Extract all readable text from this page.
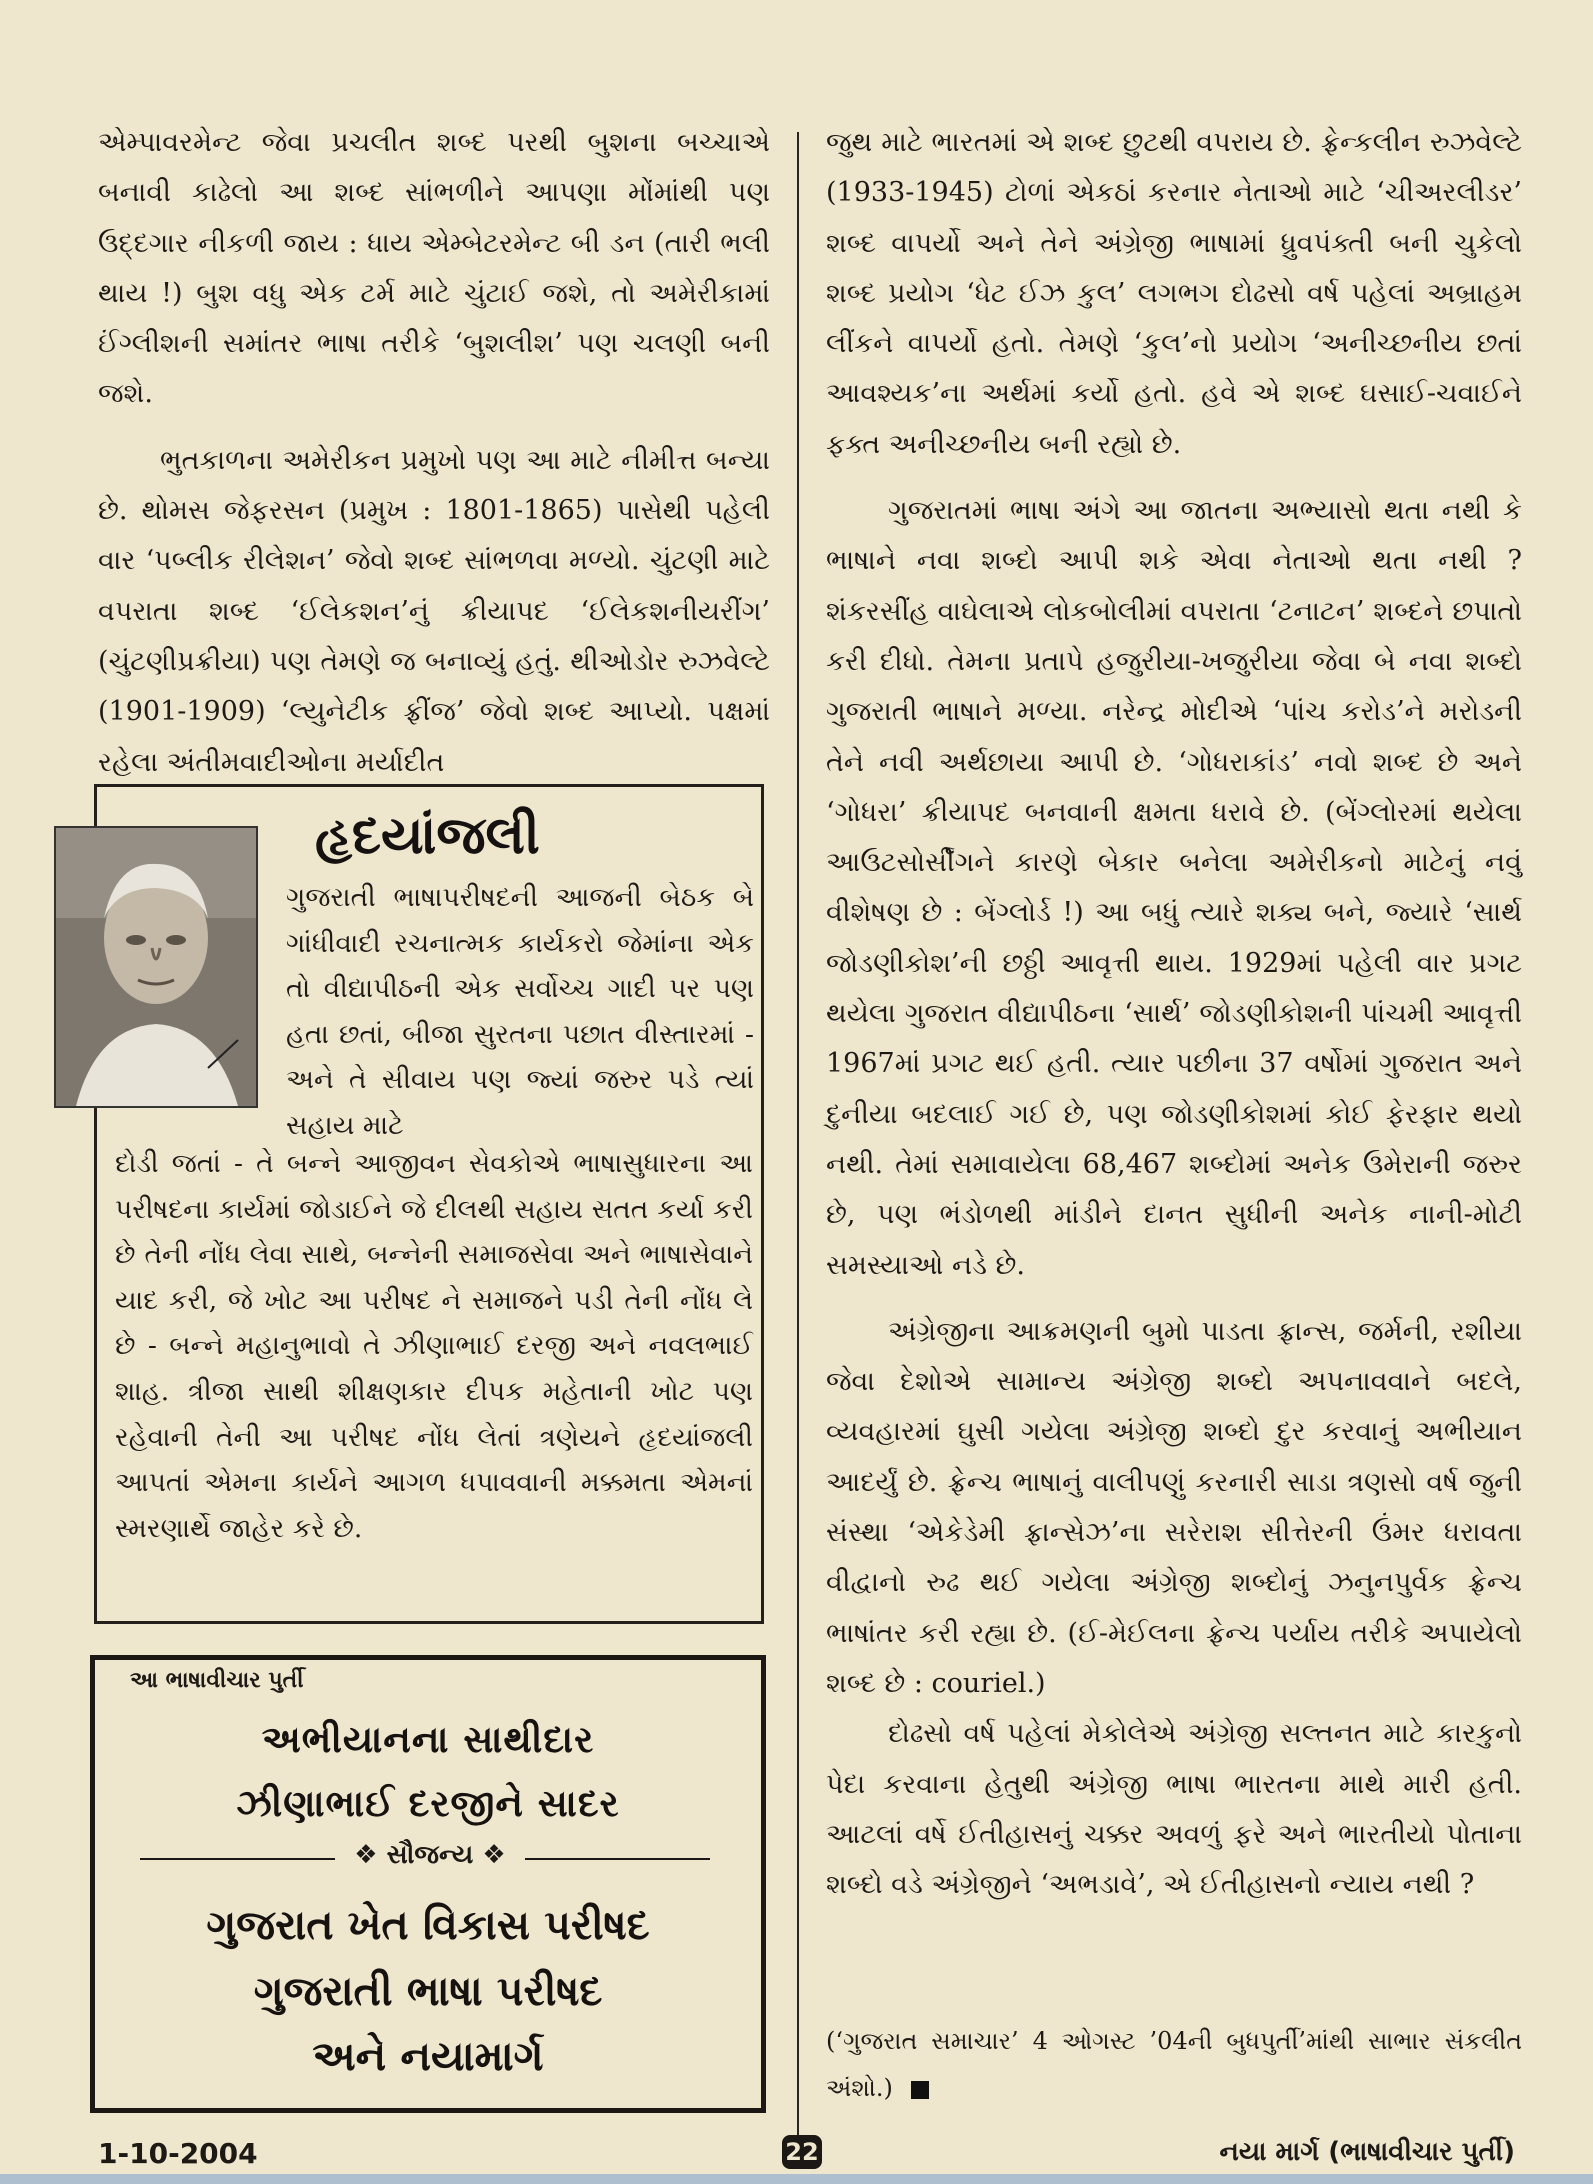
એમ્પાવરમેન્ટ જેવા પ્રચલીત શબ્દ પરથી બુશના બચ્ચાએ બનાવી કાઢેલો આ શબ્દ સાંભળીને આપણા મોંમાંથી પણ ઉદ્દગાર નીકળી જાય : ધાય એમ્બેટરમેન્ટ બી ડન (તારી ભલી થાય !) બુશ વધુ એક ટર્મ માટે ચુંટાઈ જશે, તો અમેરીકામાં ઈંગ્લીશની સમાંતર ભાષા તરીકે ‘બુશલીશ’ પણ ચલણી બની જશે.

ભુતકાળના અમેરીકન પ્રમુખો પણ આ માટે નીમીત્ત બન્યા છે. થોમસ જેફરસન (પ્રમુખ : 1801-1865) પાસેથી પહેલી વાર ‘પબ્લીક રીલેશન’ જેવો શબ્દ સાંભળવા મળ્યો. ચુંટણી માટે વપરાતા શબ્દ ‘ઈલેકશન’નું ક્રીયાપદ ‘ઈલેકશનીયરીંગ’ (ચુંટણીપ્રક્રીયા) પણ તેમણે જ બનાવ્યું હતું. થીઓડોર રુઝવેલ્ટે (1901-1909) ‘લ્યુનેટીક ફ્રીંજ’ જેવો શબ્દ આપ્યો. પક્ષમાં રહેલા અંતીમવાદીઓના મર્યાદીત

હૃદયાંજલી

ગુજરાતી ભાષાપરીષદની આજની બેઠક બે ગાંધીવાદી રચનાત્મક કાર્યકરો જેમાંના એક તો વીદ્યાપીઠની એક સર્વોચ્ચ ગાદી પર પણ હતા છતાં, બીજા સુરતના પછાત વીસ્તારમાં - અને તે સીવાય પણ જ્યાં જરુર પડે ત્યાં સહાય માટે

દોડી જતાં - તે બન્ને આજીવન સેવકોએ ભાષાસુધારના આ પરીષદના કાર્યમાં જોડાઈને જે દીલથી સહાય સતત કર્યા કરી છે તેની નોંધ લેવા સાથે, બન્નેની સમાજસેવા અને ભાષાસેવાને યાદ કરી, જે ખોટ આ પરીષદ ને સમાજને પડી તેની નોંધ લે છે - બન્ને મહાનુભાવો તે ઝીણાભાઈ દરજી અને નવલભાઈ શાહ. ત્રીજા સાથી શીક્ષણકાર દીપક મહેતાની ખોટ પણ રહેવાની તેની આ પરીષદ નોંધ લેતાં ત્રણેયને હૃદયાંજલી આપતાં એમના કાર્યને આગળ ધપાવવાની મક્કમતા એમનાં સ્મરણાર્થે જાહેર કરે છે.

આ ભાષાવીચાર પુર્તી
અભીયાનના સાથીદાર
ઝીણાભાઈ દરજીને સાદર
❖ સૌજન્ય ❖
ગુજરાત ખેત વિકાસ પરીષદ
ગુજરાતી ભાષા પરીષદ
અને નયામાર્ગ

જુથ માટે ભારતમાં એ શબ્દ છુટથી વપરાય છે. ફ્રેન્કલીન રુઝવેલ્ટે (1933-1945) ટોળાં એકઠાં કરનાર નેતાઓ માટે ‘ચીઅરલીડર’ શબ્દ વાપર્યો અને તેને અંગ્રેજી ભાષામાં ધ્રુવપંક્તી બની ચુકેલો શબ્દ પ્રયોગ ‘ધેટ ઈઝ કુલ’ લગભગ દોઢસો વર્ષ પહેલાં અબ્રાહમ લીંકને વાપર્યો હતો. તેમણે ‘કુલ’નો પ્રયોગ ‘અનીચ્છનીય છતાં આવશ્યક’ના અર્થમાં કર્યો હતો. હવે એ શબ્દ ઘસાઈ-ચવાઈને ફક્ત અનીચ્છનીય બની રહ્યો છે.

ગુજરાતમાં ભાષા અંગે આ જાતના અભ્યાસો થતા નથી કે ભાષાને નવા શબ્દો આપી શકે એવા નેતાઓ થતા નથી ? શંકરસીંહ વાઘેલાએ લોકબોલીમાં વપરાતા ‘ટનાટન’ શબ્દને છપાતો કરી દીધો. તેમના પ્રતાપે હજુરીયા-ખજુરીયા જેવા બે નવા શબ્દો ગુજરાતી ભાષાને મળ્યા. નરેન્દ્ર મોદીએ ‘પાંચ કરોડ’ને મરોડની તેને નવી અર્થછાયા આપી છે. ‘ગોધરાકાંડ’ નવો શબ્દ છે અને ‘ગોધરા’ ક્રીયાપદ બનવાની ક્ષમતા ધરાવે છે. (બેંગ્લોરમાં થયેલા આઉટસોર્સીંગને કારણે બેકાર બનેલા અમેરીકનો માટેનું નવું વીશેષણ છે : બેંગ્લોર્ડ !) આ બધું ત્યારે શક્ય બને, જ્યારે ‘સાર્થ જોડણીકોશ’ની છઠ્ઠી આવૃત્તી થાય. 1929માં પહેલી વાર પ્રગટ થયેલા ગુજરાત વીદ્યાપીઠના ‘સાર્થ’ જોડણીકોશની પાંચમી આવૃત્તી 1967માં પ્રગટ થઈ હતી. ત્યાર પછીના 37 વર્ષોમાં ગુજરાત અને દુનીયા બદલાઈ ગઈ છે, પણ જોડણીકોશમાં કોઈ ફેરફાર થયો નથી. તેમાં સમાવાયેલા 68,467 શબ્દોમાં અનેક ઉમેરાની જરુર છે, પણ ભંડોળથી માંડીને દાનત સુધીની અનેક નાની-મોટી સમસ્યાઓ નડે છે.

અંગ્રેજીના આક્રમણની બુમો પાડતા ફ્રાન્સ, જર્મની, રશીયા જેવા દેશોએ સામાન્ય અંગ્રેજી શબ્દો અપનાવવાને બદલે, વ્યવહારમાં ઘુસી ગયેલા અંગ્રેજી શબ્દો દુર કરવાનું અભીયાન આદર્યું છે. ફ્રેન્ચ ભાષાનું વાલીપણું કરનારી સાડા ત્રણસો વર્ષ જુની સંસ્થા ‘એકેડેમી ફ્રાન્સેઝ’ના સરેરાશ સીત્તેરની ઉંમર ધરાવતા વીદ્વાનો રુઢ થઈ ગયેલા અંગ્રેજી શબ્દોનું ઝનુનપુર્વક ફ્રેન્ચ ભાષાંતર કરી રહ્યા છે. (ઈ-મેઈલના ફ્રેન્ચ પર્યાય તરીકે અપાયેલો શબ્દ છે : couriel.)

દોઢસો વર્ષ પહેલાં મેકોલેએ અંગ્રેજી સલ્તનત માટે કારકુનો પેદા કરવાના હેતુથી અંગ્રેજી ભાષા ભારતના માથે મારી હતી. આટલાં વર્ષે ઈતીહાસનું ચક્કર અવળું ફરે અને ભારતીયો પોતાના શબ્દો વડે અંગ્રેજીને ‘અભડાવે’, એ ઈતીહાસનો ન્યાય નથી ?

(‘ગુજરાત સમાચાર’ 4 ઓગસ્ટ ’04ની બુધપુર્તી’માંથી સાભાર સંકલીત અંશો.)

1-10-2004	22	નયા માર્ગ (ભાષાવીચાર પુર્તી)
